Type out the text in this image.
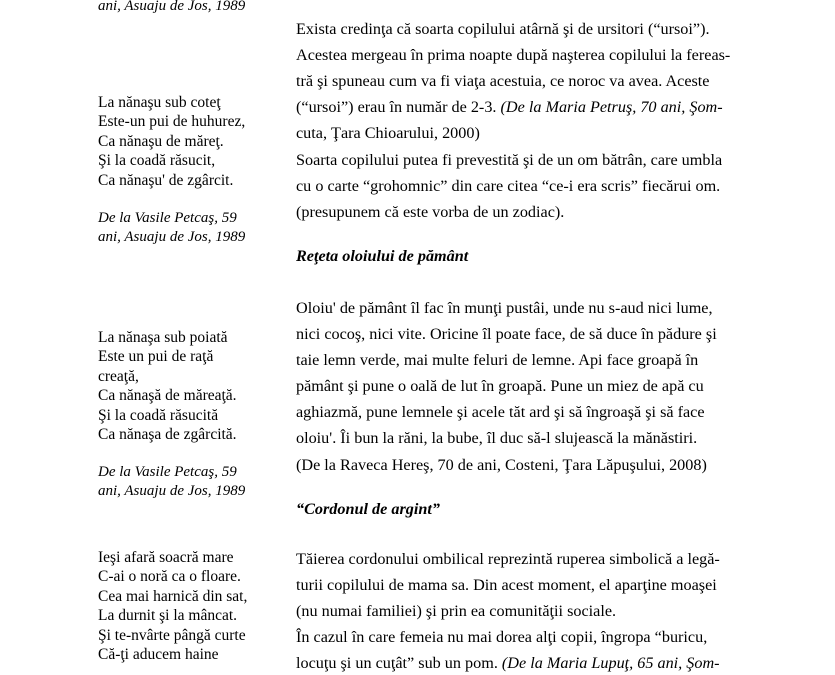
ani, Asuaju de Jos, 1989
La nănaşu sub coteţ
Este-un pui de huhurez,
Ca nănaşu de măreţ.
Şi la coadă răsucit,
Ca nănaşu' de zgârcit.
De la Vasile Petcaş, 59
ani, Asuaju de Jos, 1989
La nănaşa sub poiată
Este un pui de raţă
creaţă,
Ca nănaşă de măreaţă.
Şi la coadă răsucită
Ca nănaşa de zgârcită.
De la Vasile Petcaş, 59
ani, Asuaju de Jos, 1989
Ieşi afară soacră mare
C-ai o noră ca o floare.
Cea mai harnică din sat,
La durnit şi la mâncat.
Şi te-nvârte pângă curte
Că-ţi aducem haine
Exista credinţa că soarta copilului atârnă şi de ursitori (“ursoi”).
Acestea mergeau în prima noapte după naşterea copilului la fereas-
tră şi spuneau cum va fi viaţa acestuia, ce noroc va avea. Aceste
(“ursoi”) erau în număr de 2-3. (De la Maria Petruş, 70 ani, Şom-
cuta, Ţara Chioarului, 2000)
Soarta copilului putea fi prevestită şi de un om bătrân, care umbla
cu o carte “grohomnic” din care citea “ce-i era scris” fiecărui om.
(presupunem că este vorba de un zodiac).
Reţeta oloiului de pământ
Oloiu' de pământ îl fac în munţi pustâi, unde nu s-aud nici lume,
nici cocoş, nici vite. Oricine îl poate face, de să duce în pădure şi
taie lemn verde, mai multe feluri de lemne. Api face groapă în
pământ şi pune o oală de lut în groapă. Pune un miez de apă cu
aghiazmă, pune lemnele şi acele tăt ard şi să îngroaşă şi să face
oloiu'. Îi bun la răni, la bube, îl duc să-l slujească la mănăstiri.
(De la Raveca Hereş, 70 de ani, Costeni, Ţara Lăpuşului, 2008)
“Cordonul de argint”
Tăierea cordonului ombilical reprezintă ruperea simbolică a legă-
turii copilului de mama sa. Din acest moment, el aparţine moaşei
(nu numai familiei) şi prin ea comunităţii sociale.
În cazul în care femeia nu mai dorea alţi copii, îngropa “buricu,
locuţu şi un cuţât” sub un pom. (De la Maria Lupuţ, 65 ani, Şom-
